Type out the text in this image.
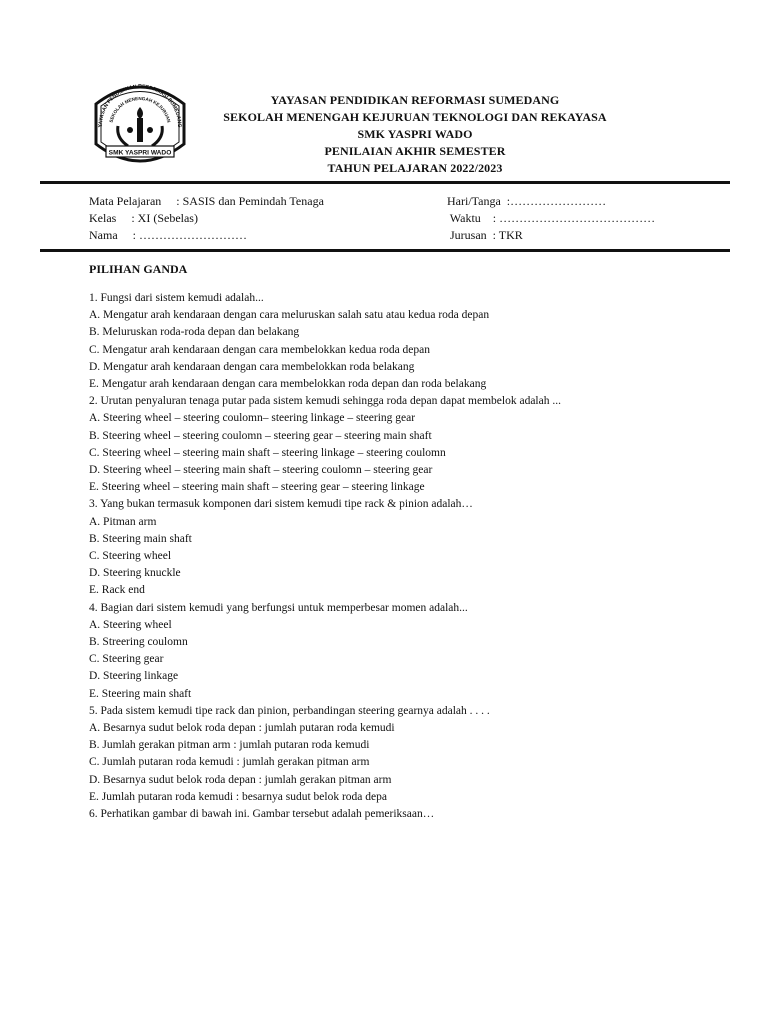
YAYASAN PENDIDIKAN REFORMASI SUMEDANG
SEKOLAH MENENGAH KEJURUAN
SMK YASPRI WADO
YAYASAN PENDIDIKAN REFORMASI SUMEDANG
SEKOLAH MENENGAH KEJURUAN TEKNOLOGI DAN REKAYASA
SMK YASPRI WADO
PENILAIAN AKHIR SEMESTER
TAHUN PELAJARAN 2022/2023
Mata Pelajaran     : SASIS dan Pemindah Tenaga
Kelas     : XI (Sebelas)
Nama     : ………………………
Hari/Tanga  :……………………
Waktu    : …………………………………
Jurusan  : TKR
PILIHAN GANDA
1. Fungsi dari sistem kemudi adalah...
A. Mengatur arah kendaraan dengan cara meluruskan salah satu atau kedua roda depan
B. Meluruskan roda-roda depan dan belakang
C. Mengatur arah kendaraan dengan cara membelokkan kedua roda depan
D. Mengatur arah kendaraan dengan cara membelokkan roda belakang
E. Mengatur arah kendaraan dengan cara membelokkan roda depan dan roda belakang
2. Urutan penyaluran tenaga putar pada sistem kemudi sehingga roda depan dapat membelok adalah ...
A. Steering wheel – steering coulomn– steering linkage – steering gear
B. Steering wheel – steering coulomn – steering gear – steering main shaft
C. Steering wheel – steering main shaft – steering linkage – steering coulomn
D. Steering wheel – steering main shaft – steering coulomn – steering gear
E. Steering wheel – steering main shaft – steering gear – steering linkage
3. Yang bukan termasuk komponen dari sistem kemudi tipe rack & pinion adalah…
A. Pitman arm
B. Steering main shaft
C. Steering wheel
D. Steering knuckle
E. Rack end
4. Bagian dari sistem kemudi yang berfungsi untuk memperbesar momen adalah...
A. Steering wheel
B. Streering coulomn
C. Steering gear
D. Steering linkage
E. Steering main shaft
5. Pada sistem kemudi tipe rack dan pinion, perbandingan steering gearnya adalah . . . .
A. Besarnya sudut belok roda depan : jumlah putaran roda kemudi
B. Jumlah gerakan pitman arm : jumlah putaran roda kemudi
C. Jumlah putaran roda kemudi : jumlah gerakan pitman arm
D. Besarnya sudut belok roda depan : jumlah gerakan pitman arm
E. Jumlah putaran roda kemudi : besarnya sudut belok roda depa
6. Perhatikan gambar di bawah ini. Gambar tersebut adalah pemeriksaan…
